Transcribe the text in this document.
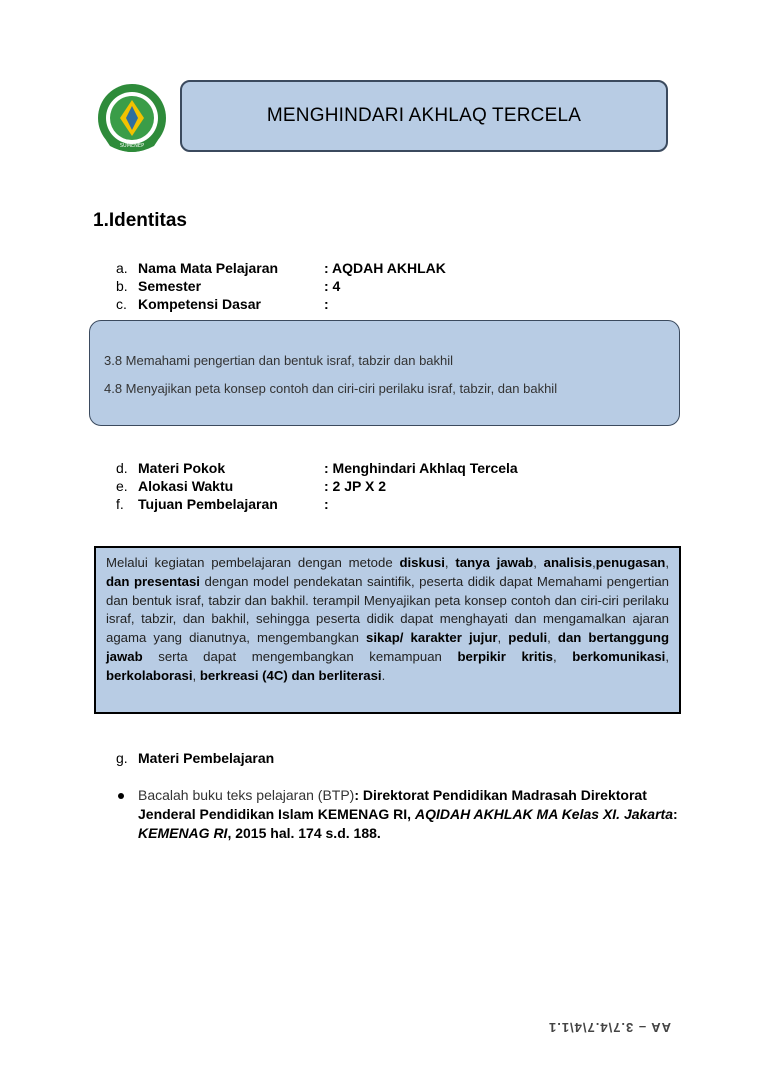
SUMENEP
MENGHINDARI AKHLAQ TERCELA
1.Identitas
a. Nama Mata Pelajaran	: AQDAH AKHLAK
b. Semester	: 4
c. Kompetensi Dasar	:
3.8 Memahami pengertian dan bentuk israf, tabzir dan bakhil
4.8 Menyajikan peta konsep contoh dan ciri-ciri perilaku israf, tabzir, dan bakhil
d. Materi Pokok	: Menghindari Akhlaq Tercela
e. Alokasi Waktu	: 2 JP X 2
f.	Tujuan Pembelajaran	:
Melalui kegiatan pembelajaran dengan metode diskusi, tanya jawab, analisis,penugasan, dan presentasi dengan model pendekatan saintifik, peserta didik dapat Memahami pengertian dan bentuk israf, tabzir dan bakhil. terampil Menyajikan peta konsep contoh dan ciri-ciri perilaku israf, tabzir, dan bakhil, sehingga peserta didik dapat menghayati dan mengamalkan ajaran agama yang dianutnya, mengembangkan sikap/ karakter jujur, peduli, dan bertanggung jawab serta dapat mengembangkan kemampuan berpikir kritis, berkomunikasi, berkolaborasi, berkreasi (4C) dan berliterasi.
g. Materi Pembelajaran
Bacalah buku teks pelajaran (BTP): Direktorat Pendidikan Madrasah Direktorat Jenderal Pendidikan Islam KEMENAG RI, AQIDAH AKHLAK MA Kelas XI. Jakarta: KEMENAG RI, 2015 hal. 174 s.d. 188.
AA – 3.7\4.7\4\1.1
